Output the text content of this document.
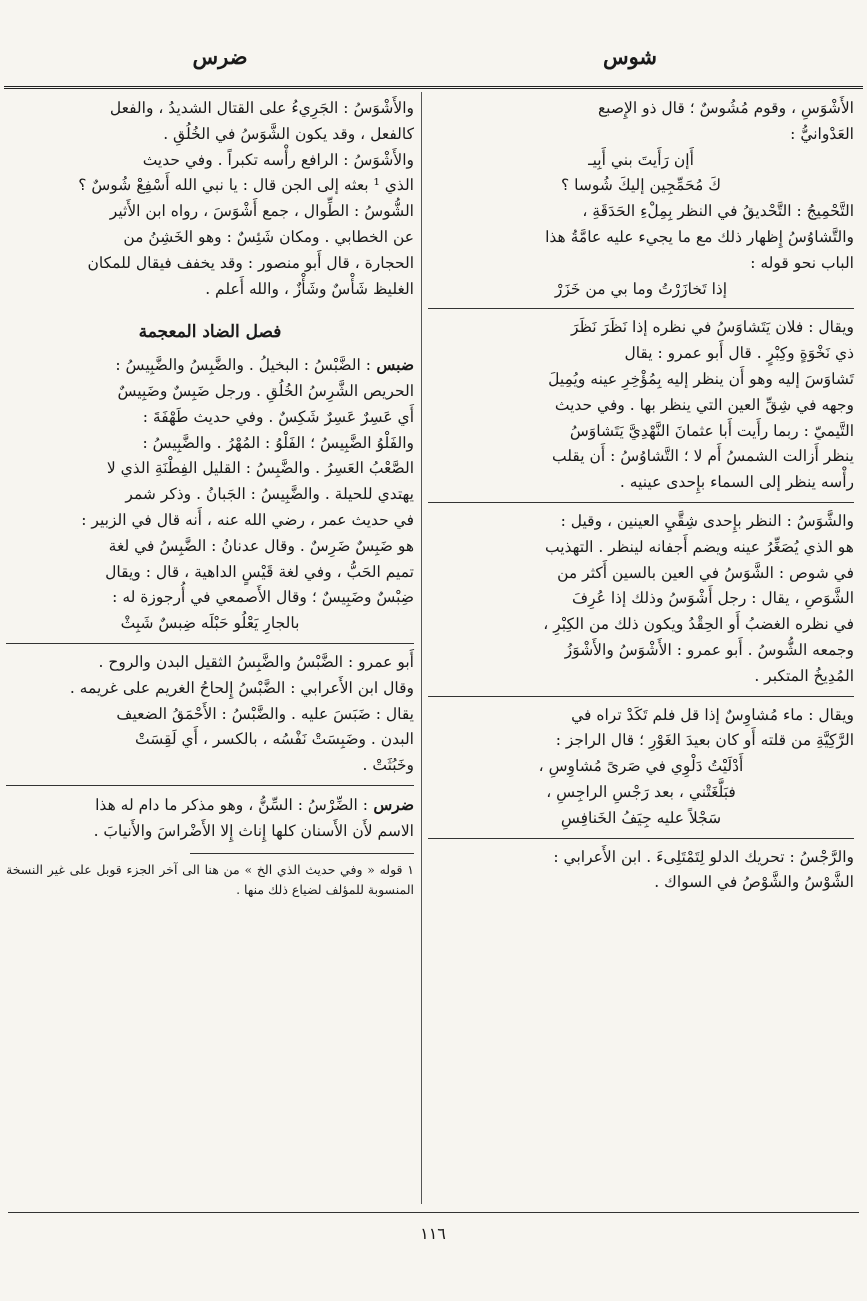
شوس
ضرس

الأَشْوَسِ ، وقوم مُشُوسٌ ؛ قال ذو الإِصبع

العَدْوانيُّ :

أَإن رَأَيتَ بني أَبِيـ

كَ مُحَمِّجِين إليكَ شُوسا ؟

التَّحْمِيجُ : التَّحْديقُ في النظر بِمِلْءِ الحَدَقَةِ ،

والتَّشاوُسُ إِظهار ذلك مع ما يجيء عليه عامَّةُ هذا

الباب نحو قوله :

إذا تَخازَرْتُ وما بي من خَزَرْ

ويقال : فلان يَتَشاوَسُ في نظره إذا نَظَرَ نَظَرَ

ذي نَخْوَةٍ وكِبْرٍ . قال أَبو عمرو : يقال

تَشاوَسَ إليه وهو أَن ينظر إليه بِمُؤْخِرِ عينه ويُمِيلَ

وجهه في شِقِّ العين التي ينظر بها . وفي حديث

التَّيميّ : ربما رأَيت أَبا عثمانَ النَّهْدِيَّ يَتَشاوَسُ

ينظر أَزالت الشمسُ أَم لا ؛ التَّشاوُسُ : أَن يقلب

رأْسه ينظر إلى السماء بإِحدى عينيه .

والشَّوَسُ : النظر بإِحدى شِقَّيِ العينين ، وقيل :

هو الذي يُصَغِّرُ عينه ويضم أَجفانه لينظر . التهذيب

في شوص : الشَّوَسُ في العين بالسين أَكثر من

الشَّوَصِ ، يقال : رجل أَشْوَسُ وذلك إذا عُرِفَ

في نظره الغضبُ أَو الحِقْدُ ويكون ذلك من الكِبْرِ ،

وجمعه الشُّوسُ . أَبو عمرو : الأَشْوَسُ والأَشْوَزُ

المُدِيخُ المتكبر .

ويقال : ماء مُشاوِسٌ إذا قل فلم تَكَدْ تراه في

الرَّكِيَّةِ من قلته أَو كان بعيدَ الغَوْرِ ؛ قال الراجز :

أَدْلَيْتُ دَلْوِي في صَرىً مُشاوِسِ ،

فبَلَّغَتْني ، بعد رَجْسِ الراجِسِ ،

سَجْلاً عليه جِيَفُ الخَنافِسِ

والرَّجْسُ : تحريك الدلو لِتَمْتَلِىءَ . ابن الأَعرابي :

الشَّوْسُ والشَّوْصُ في السواك .

والأَشْوَسُ : الجَرِيءُ على القتال الشديدُ ، والفعل

كالفعل ، وقد يكون الشَّوَسُ في الخُلُقِ .

والأَشْوَسُ : الرافع رأْسه تكبراً . وفي حديث

الذي ¹ بعثه إلى الجن قال : يا نبي الله أَسْفِعْ شُوسٌ ؟

الشُّوسُ : الطِّوال ، جمع أَشْوَسَ ، رواه ابن الأَثير

عن الخطابي . ومكان شَئِسٌ : وهو الخَشِنُ من

الحجارة ، قال أَبو منصور : وقد يخفف فيقال للمكان

الغليظ شَأْسٌ وشَأْزٌ ، والله أَعلم .

فصل الضاد المعجمة

ضبس : الضَّبْسُ : البخيلُ . والضَّبِسُ والضَّبِيسُ :

الحريص الشَّرِسُ الخُلُقِ . ورجل ضَبِسٌ وضَبِيسٌ

أَي عَسِرٌ عَسِرٌ شَكِسٌ . وفي حديث طَهْفَةَ :

والفَلْوُ الضَّبِيسُ ؛ الفَلْوُ : المُهْرُ . والضَّبِيسُ :

الصَّعْبُ العَسِرُ . والضَّبِسُ : القليل الفِطْنَةِ الذي لا

يهتدي للحيلة . والضَّبِيسُ : الجَبانُ . وذكر شمر

في حديث عمر ، رضي الله عنه ، أَنه قال في الزبير :

هو ضَبِسٌ ضَرِسٌ . وقال عدنانُ : الضَّبِسُ في لغة

تميم الحَبُّ ، وفي لغة قَيْسٍ الداهية ، قال : ويقال

ضِبْسٌ وضَبِيسٌ ؛ وقال الأَصمعي في أُرجوزة له :

بالجارِ يَعْلُو حَبْلَه ضِبسٌ شَبِثْ

أَبو عمرو : الضَّبْسُ والضَّبِسُ الثقيل البدن والروح .

وقال ابن الأَعرابي : الضَّبْسُ إِلحاحُ الغريم على غريمه .

يقال : ضَبَسَ عليه . والضَّبْسُ : الأَحْمَقُ الضعيف

البدن . وضَبِسَتْ نَفْسُه ، بالكسر ، أَي لَقِسَتْ

وخَبُثَتْ .

ضرس : الضِّرْسُ : السِّنُّ ، وهو مذكر ما دام له هذا

الاسم لأَن الأَسنان كلها إِناث إِلا الأَضْراسَ والأَنيابَ .

١ قوله « وفي حديث الذي الخ » من هنا الى آخر الجزء قوبل على غير النسخة المنسوبة للمؤلف لضياع ذلك منها .
١١٦
